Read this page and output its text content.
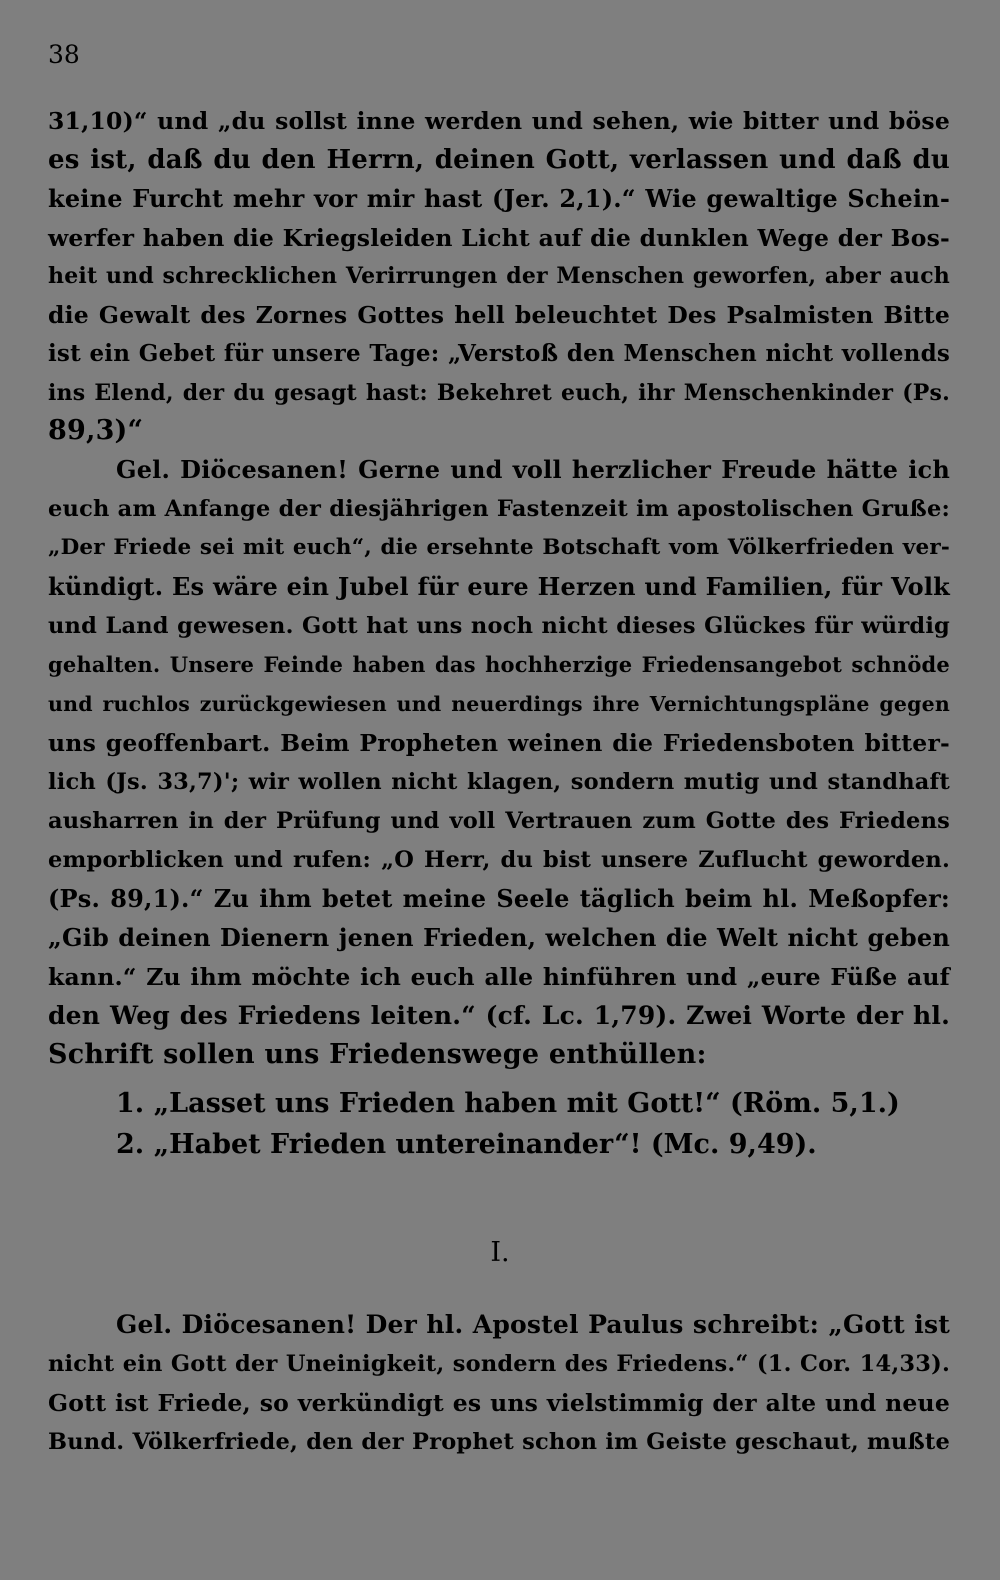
38
31,10)“ und „du sollst inne werden und sehen, wie bitter und böse
es ist, daß du den Herrn, deinen Gott, verlassen und daß du
keine Furcht mehr vor mir hast (Jer. 2,1).“ Wie gewaltige Schein-
werfer haben die Kriegsleiden Licht auf die dunklen Wege der Bos-
heit und schrecklichen Verirrungen der Menschen geworfen, aber auch
die Gewalt des Zornes Gottes hell beleuchtet Des Psalmisten Bitte
ist ein Gebet für unsere Tage: „Verstoß den Menschen nicht vollends
ins Elend, der du gesagt hast: Bekehret euch, ihr Menschenkinder (Ps.
89,3)“
Gel. Diöcesanen! Gerne und voll herzlicher Freude hätte ich
euch am Anfange der diesjährigen Fastenzeit im apostolischen Gruße:
„Der Friede sei mit euch“, die ersehnte Botschaft vom Völkerfrieden ver-
kündigt. Es wäre ein Jubel für eure Herzen und Familien, für Volk
und Land gewesen. Gott hat uns noch nicht dieses Glückes für würdig
gehalten. Unsere Feinde haben das hochherzige Friedensangebot schnöde
und ruchlos zurückgewiesen und neuerdings ihre Vernichtungspläne gegen
uns geoffenbart. Beim Propheten weinen die Friedensboten bitter-
lich (Js. 33,7)'; wir wollen nicht klagen, sondern mutig und standhaft
ausharren in der Prüfung und voll Vertrauen zum Gotte des Friedens
emporblicken und rufen: „O Herr, du bist unsere Zuflucht geworden.
(Ps. 89,1).“ Zu ihm betet meine Seele täglich beim hl. Meßopfer:
„Gib deinen Dienern jenen Frieden, welchen die Welt nicht geben
kann.“ Zu ihm möchte ich euch alle hinführen und „eure Füße auf
den Weg des Friedens leiten.“ (cf. Lc. 1,79). Zwei Worte der hl.
Schrift sollen uns Friedenswege enthüllen:
1. „Lasset uns Frieden haben mit Gott!“ (Röm. 5,1.)
2. „Habet Frieden untereinander“! (Mc. 9,49).
I.
Gel. Diöcesanen! Der hl. Apostel Paulus schreibt: „Gott ist
nicht ein Gott der Uneinigkeit, sondern des Friedens.“ (1. Cor. 14,33).
Gott ist Friede, so verkündigt es uns vielstimmig der alte und neue
Bund. Völkerfriede, den der Prophet schon im Geiste geschaut, mußte
